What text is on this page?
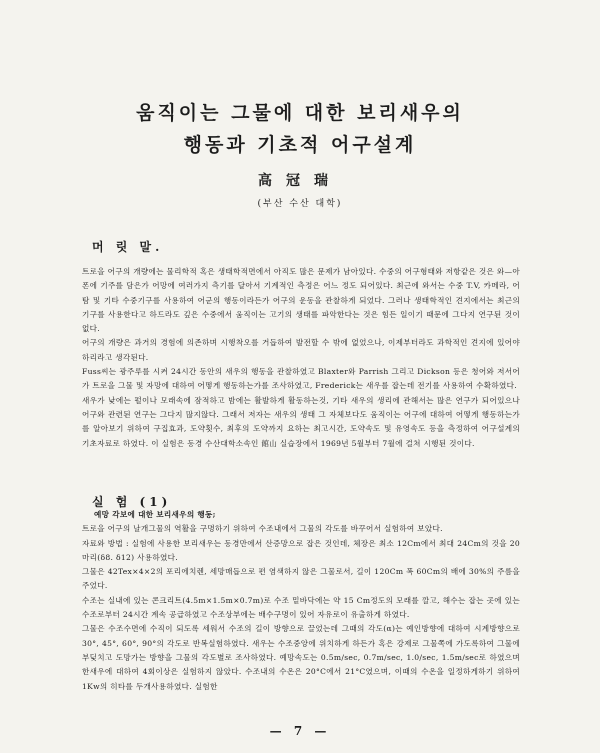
움직이는 그물에 대한 보리새우의
행동과 기초적 어구설계
高冠瑞
(부산 수산 대학)
머 릿 말.

트로을 어구의 개량에는 물리학적 혹은 생태학적면에서 아직도 많은 문제가 남아있다. 수중의 어구형태와 저항같은 것은 와—아폰에 기주를 담은가 어망에 여러가지 측기를 달아서 기계적인 측정은 어느 정도 되어있다. 최근에 와서는 수중 T.V, 카메라, 어탐 및 기타 수중기구를 사용하여 어군의 행동이라든가 어구의 운동을 관찰하게 되었다. 그러나 생태학적인 견지에서는 최근의 기구를 사용한다고 하드라도 깊은 수중에서 움직이는 고기의 생태를 파악한다는 것은 힘든 일이기 때문에 그다지 연구된 것이 없다.

어구의 개량은 과거의 경험에 의존하며 시행착오를 거듭하여 발전할 수 밖에 없었으나, 이제부터라도 과학적인 견지에 있어야 하리라고 생각된다.

Fuss씨는 광주루를 시켜 24시간 동안의 새우의 행동을 관찰하였고 Blaxter와 Parrish 그리고 Dickson 등은 청어와 저서어가 트로을 그물 및 자망에 대하여 어떻게 행동하는가를 조사하였고, Frederick는 새우를 잡는데 전기를 사용하여 수확하였다.

새우가 낮에는 펄이나 모래속에 잠적하고 밤에는 활발하게 활동하는것, 기타 새우의 생리에 관해서는 많은 연구가 되어있으나 어구와 관련된 연구는 그다지 많지않다. 그래서 저자는 새우의 생태 그 자체보다도 움직이는 어구에 대하여 어떻게 행동하는가를 알아보기 위하여 구집효과, 도약횟수, 최후의 도약까지 요하는 최고시간, 도약속도 및 유영속도 등을 측정하여 어구설계의 기초자료로 하였다. 이 실험은 동경 수산대학소속인 館山 실습장에서 1969년 5월부터 7월에 걸쳐 시행된 것이다.

실 험 (1)

예망 각보에 대한 보리새우의 행동;

트로을 어구의 날개그물의 역활을 구명하기 위하여 수조내에서 그물의 각도를 바꾸어서 실험하여 보았다.

자료와 방법 : 실험에 사용한 보리새우는 동경만에서 산증망으로 잡은 것인데, 체장은 최소 12Cm에서 최대 24Cm의 것을 20마리(δ8. δ12) 사용하였다.

그물은 42Tex×4×2의 포리에치렌, 세망매듭으로 편 염색하지 않은 그물로서, 길이 120Cm 폭 60Cm의 배에 30%의 주름을 주었다.

수조는 실내에 있는 콘크리트(4.5m×1.5m×0.7m)로 수조 밑바닥에는 약 15 Cm정도의 모래를 깔고, 해수는 잡는 곳에 있는 수조로부터 24시간 계속 공급하였고 수조상부에는 배수구명이 있어 자유로이 유출하게 하였다.

그물은 수조수면에 수직이 되도록 세워서 수조의 길이 방향으로 끌었는데 그때의 각도(α)는 예인방향에 대하여 시계방향으로 30°, 45°, 60°, 90°의 각도로 반복실험하였다. 새우는 수조중앙에 위치하게 하든가 혹은 강제로 그물쪽에 가도록하여 그물에 부딪치고 도망가는 방향을 그물의 각도별로 조사하였다. 예망속도는 0.5m/sec, 0.7m/sec, 1.0/sec, 1.5m/sec로 하였으며 한새우에 대하여 4회이상은 실험하지 않았다. 수조내의 수온은 20°C에서 21°C였으며, 이때의 수온을 일정하게하기 위하여 1Kw의 히타를 두개사용하였다. 실험한

— 7 —
